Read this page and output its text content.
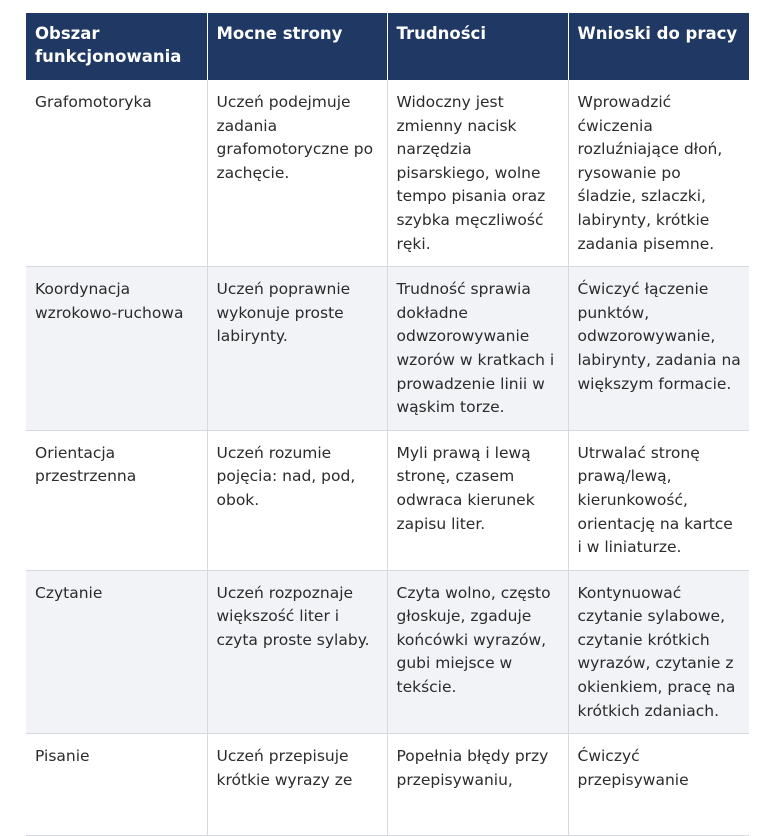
Obszar funkcjonowania	Mocne strony	Trudności	Wnioski do pracy
Grafomotoryka	Uczeń podejmuje zadania grafomotoryczne po zachęcie.	Widoczny jest zmienny nacisk narzędzia pisarskiego, wolne tempo pisania oraz szybka męczliwość ręki.	Wprowadzić ćwiczenia rozluźniające dłoń, rysowanie po śladzie, szlaczki, labirynty, krótkie zadania pisemne.
Koordynacja wzrokowo-ruchowa	Uczeń poprawnie wykonuje proste labirynty.	Trudność sprawia dokładne odwzorowywanie wzorów w kratkach i prowadzenie linii w wąskim torze.	Ćwiczyć łączenie punktów, odwzorowywanie, labirynty, zadania na większym formacie.
Orientacja przestrzenna	Uczeń rozumie pojęcia: nad, pod, obok.	Myli prawą i lewą stronę, czasem odwraca kierunek zapisu liter.	Utrwalać stronę prawą/lewą, kierunkowość, orientację na kartce i w liniaturze.
Czytanie	Uczeń rozpoznaje większość liter i czyta proste sylaby.	Czyta wolno, często głoskuje, zgaduje końcówki wyrazów, gubi miejsce w tekście.	Kontynuować czytanie sylabowe, czytanie krótkich wyrazów, czytanie z okienkiem, pracę na krótkich zdaniach.
Pisanie	Uczeń przepisuje krótkie wyrazy ze	Popełnia błędy przy przepisywaniu,	Ćwiczyć przepisywanie
